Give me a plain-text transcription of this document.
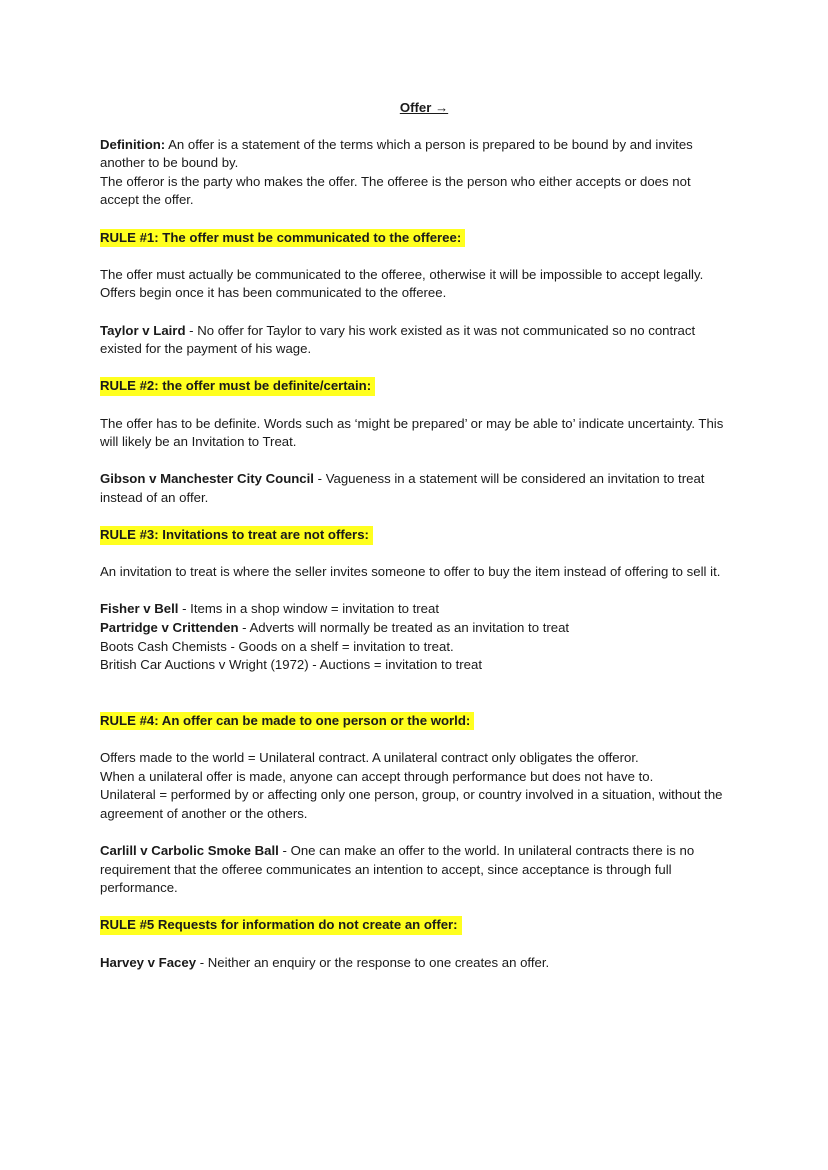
Offer →

Definition: An offer is a statement of the terms which a person is prepared to be bound by and invites another to be bound by.

The offeror is the party who makes the offer. The offeree is the person who either accepts or does not accept the offer.

RULE #1: The offer must be communicated to the offeree:

The offer must actually be communicated to the offeree, otherwise it will be impossible to accept legally. Offers begin once it has been communicated to the offeree.

Taylor v Laird - No offer for Taylor to vary his work existed as it was not communicated so no contract existed for the payment of his wage.

RULE #2: the offer must be definite/certain:

The offer has to be definite. Words such as ‘might be prepared’ or may be able to’ indicate uncertainty. This will likely be an Invitation to Treat.

Gibson v Manchester City Council - Vagueness in a statement will be considered an invitation to treat instead of an offer.

RULE #3: Invitations to treat are not offers:

An invitation to treat is where the seller invites someone to offer to buy the item instead of offering to sell it.

Fisher v Bell - Items in a shop window = invitation to treat

Partridge v Crittenden - Adverts will normally be treated as an invitation to treat

Boots Cash Chemists - Goods on a shelf = invitation to treat.

British Car Auctions v Wright (1972) - Auctions = invitation to treat

RULE #4: An offer can be made to one person or the world:

Offers made to the world = Unilateral contract. A unilateral contract only obligates the offeror.

When a unilateral offer is made, anyone can accept through performance but does not have to.

Unilateral = performed by or affecting only one person, group, or country involved in a situation, without the agreement of another or the others.

Carlill v Carbolic Smoke Ball - One can make an offer to the world. In unilateral contracts there is no requirement that the offeree communicates an intention to accept, since acceptance is through full performance.

RULE #5 Requests for information do not create an offer:

Harvey v Facey - Neither an enquiry or the response to one creates an offer.
